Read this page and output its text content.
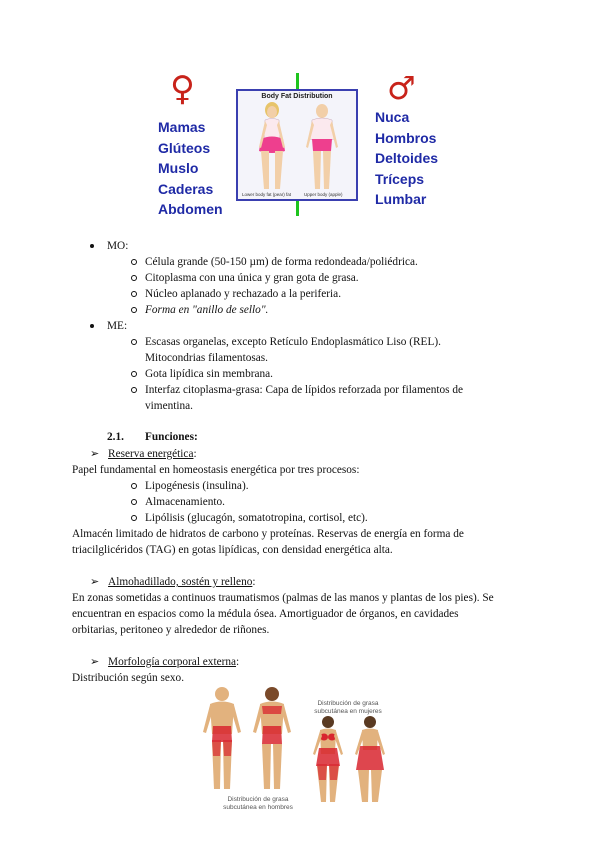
♀	♂
Mamas
Glúteos
Muslo
Caderas
Abdomen
Nuca
Hombros
Deltoides
Tríceps
Lumbar
Body Fat Distribution
Lower body fat (pear) fat	Upper body (apple)
MO:
Célula grande (50-150 µm) de forma redondeada/poliédrica.
Citoplasma con una única y gran gota de grasa.
Núcleo aplanado y rechazado a la periferia.
Forma en "anillo de sello".
ME:
Escasas organelas, excepto Retículo Endoplasmático Liso (REL).
Mitocondrias filamentosas.
Gota lipídica sin membrana.
Interfaz citoplasma-grasa: Capa de lípidos reforzada por filamentos de
vimentina.
2.1. Funciones:
➢ Reserva energética:
Papel fundamental en homeostasis energética por tres procesos:
Lipogénesis (insulina).
Almacenamiento.
Lipólisis (glucagón, somatotropina, cortisol, etc).
Almacén limitado de hidratos de carbono y proteínas. Reservas de energía en forma de
triacilglicéridos (TAG) en gotas lipídicas, con densidad energética alta.
➢ Almohadillado, sostén y relleno:
En zonas sometidas a continuos traumatismos (palmas de las manos y plantas de los pies). Se
encuentran en espacios como la médula ósea. Amortiguador de órganos, en cavidades
orbitarias, peritoneo y alrededor de riñones.
➢ Morfología corporal externa:
Distribución según sexo.
Distribución de grasa
subcutánea en mujeres
Distribución de grasa
subcutánea en hombres
